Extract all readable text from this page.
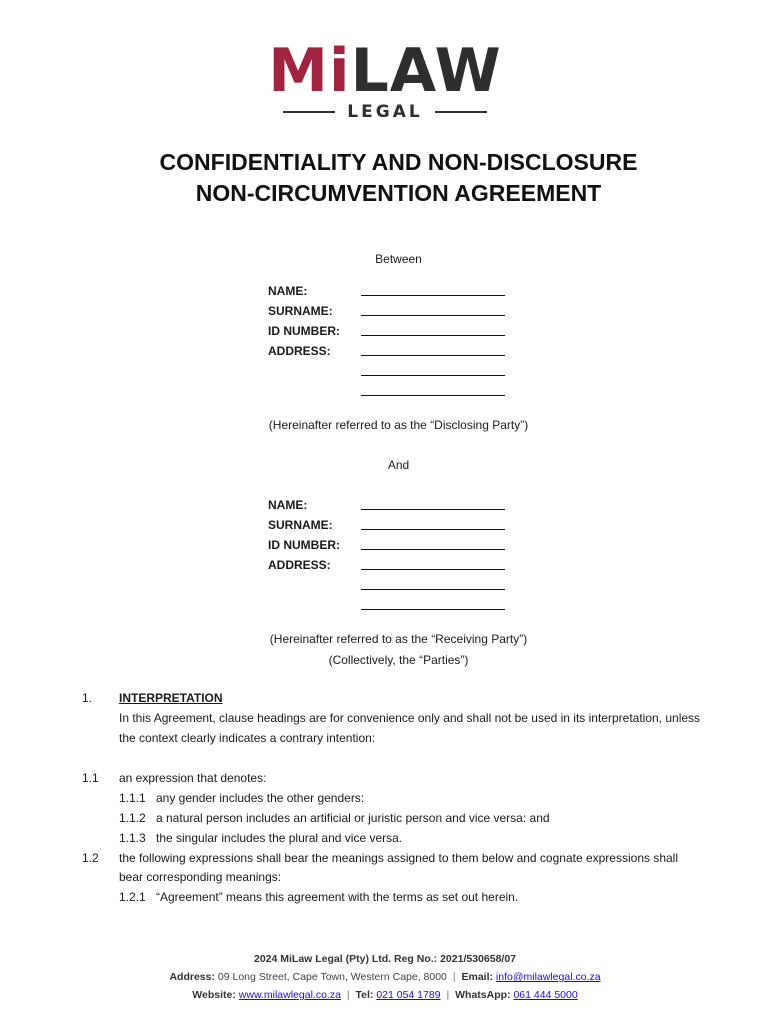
MiLAW
LEGAL
CONFIDENTIALITY AND NON-DISCLOSURE
NON-CIRCUMVENTION AGREEMENT
Between
NAME:
SURNAME:
ID NUMBER:
ADDRESS:
(Hereinafter referred to as the “Disclosing Party”)
And
NAME:
SURNAME:
ID NUMBER:
ADDRESS:
(Hereinafter referred to as the “Receiving Party”)
(Collectively, the “Parties”)
1. INTERPRETATION
In this Agreement, clause headings are for convenience only and shall not be used in its interpretation, unless
the context clearly indicates a contrary intention:
1.1 an expression that denotes:
1.1.1 any gender includes the other genders:
1.1.2 a natural person includes an artificial or juristic person and vice versa: and
1.1.3 the singular includes the plural and vice versa.
1.2 the following expressions shall bear the meanings assigned to them below and cognate expressions shall
bear corresponding meanings:
1.2.1 “Agreement” means this agreement with the terms as set out herein.
2024 MiLaw Legal (Pty) Ltd. Reg No.: 2021/530658/07
Address: 09 Long Street, Cape Town, Western Cape, 8000 | Email: info@milawlegal.co.za
Website: www.milawlegal.co.za | Tel: 021 054 1789 | WhatsApp: 061 444 5000
